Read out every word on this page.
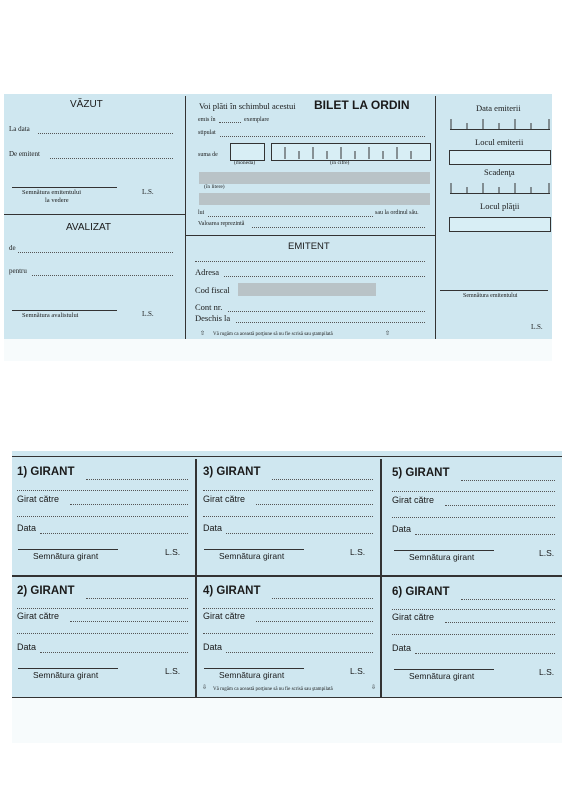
VĂZUT
La data
De emitent
Semnătura emitentului
la vedere
L.S.
AVALIZAT
de
pentru
Semnătura avalistului	L.S.
Voi plăti în schimbul acestui BILET LA ORDIN
emis în	exemplare
stipulat
suma de
(moneda)	(în cifre)
(în litere)
lui	sau la ordinul său.
Valoarea reprezintă
EMITENT
Adresa
Cod fiscal
Cont nr.
Deschis la
⇧ Vă rugăm ca această porţiune să nu fie scrisă sau ştampilată	⇧
Data emiterii
Locul emiterii
Scadenţa
Locul plăţii
Semnătura emitentului
L.S.
1) GIRANT
Girat către
Data
Semnătura girant	L.S.
3) GIRANT
Girat către
Data
Semnătura girant	L.S.
5) GIRANT
Girat către
Data
Semnătura girant	L.S.
2) GIRANT
Girat către
Data
Semnătura girant	L.S.
4) GIRANT
Girat către
Data
Semnătura girant	L.S.
6) GIRANT
Girat către
Data
Semnătura girant	L.S.
⇩ Vă rugăm ca această porţiune să nu fie scrisă sau ştampilată	⇩
